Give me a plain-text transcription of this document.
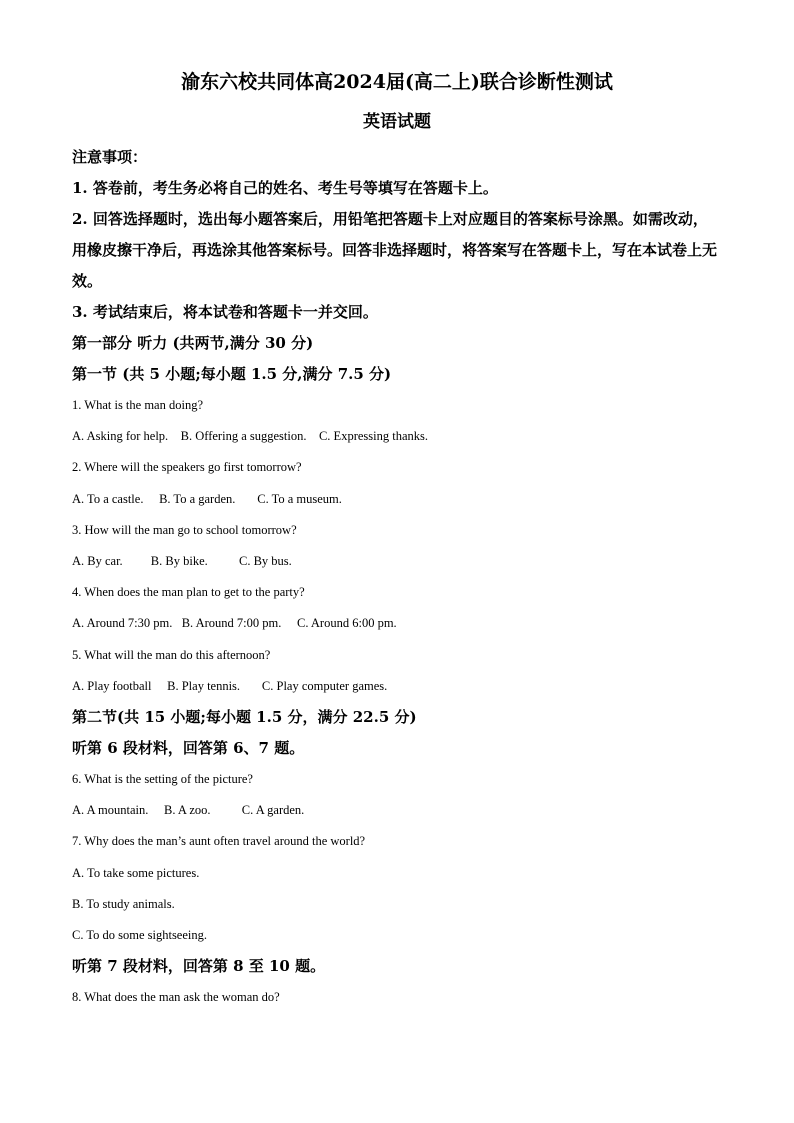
渝东六校共同体高2024届(高二上)联合诊断性测试
英语试题

注意事项：

1. 答卷前，考生务必将自己的姓名、考生号等填写在答题卡上。

2. 回答选择题时，选出每小题答案后，用铅笔把答题卡上对应题目的答案标号涂黑。如需改动，用橡皮擦干净后，再选涂其他答案标号。回答非选择题时，将答案写在答题卡上，写在本试卷上无效。

3. 考试结束后，将本试卷和答题卡一并交回。

第一部分 听力 (共两节,满分 30 分)

第一节 (共 5 小题;每小题 1.5 分,满分 7.5 分)

1. What is the man doing?

A. Asking for help.    B. Offering a suggestion.    C. Expressing thanks.

2. Where will the speakers go first tomorrow?

A. To a castle.     B. To a garden.       C. To a museum.

3. How will the man go to school tomorrow?

A. By car.         B. By bike.          C. By bus.

4. When does the man plan to get to the party?

A. Around 7:30 pm.   B. Around 7:00 pm.     C. Around 6:00 pm.

5. What will the man do this afternoon?

A. Play football     B. Play tennis.       C. Play computer games.

第二节(共 15 小题;每小题 1.5 分，满分 22.5 分)

听第 6 段材料，回答第 6、7 题。

6. What is the setting of the picture?

A. A mountain.     B. A zoo.          C. A garden.

7. Why does the man’s aunt often travel around the world?

A. To take some pictures.

B. To study animals.

C. To do some sightseeing.

听第 7 段材料，回答第 8 至 10 题。

8. What does the man ask the woman do?
